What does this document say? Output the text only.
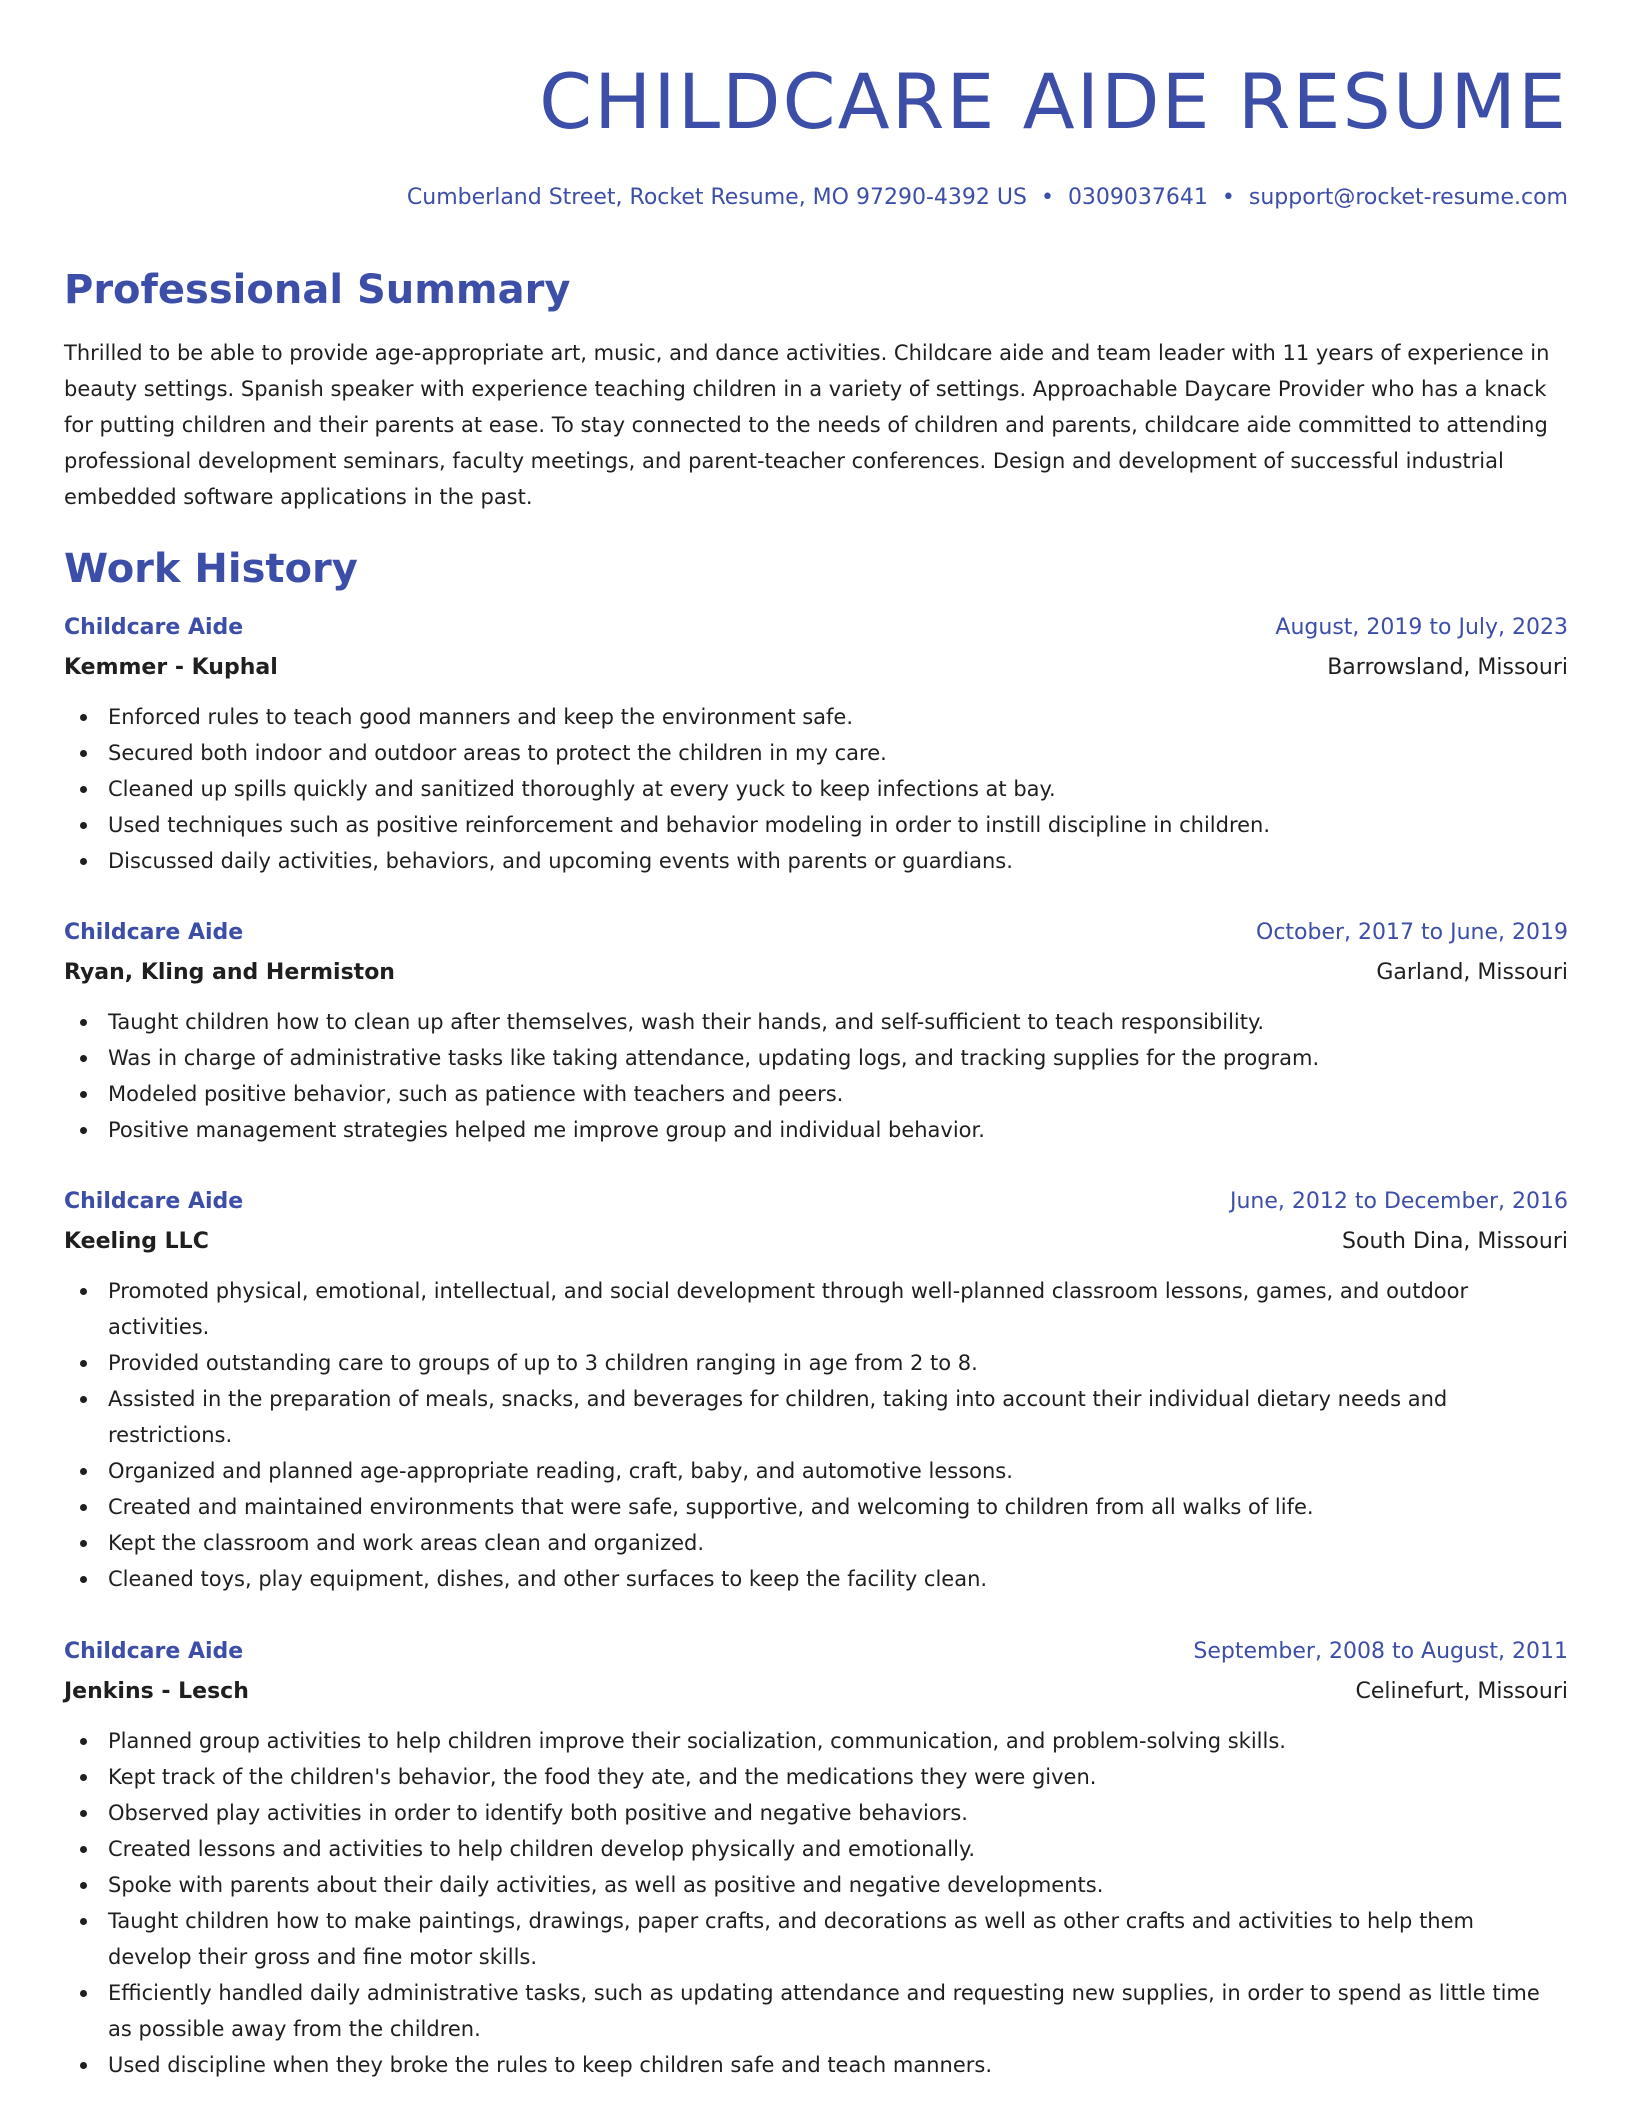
CHILDCARE AIDE RESUME
Cumberland Street, Rocket Resume, MO 97290-4392 US • 0309037641 • support@rocket-resume.com
Professional Summary

Thrilled to be able to provide age-appropriate art, music, and dance activities. Childcare aide and team leader with 11 years of experience in beauty settings. Spanish speaker with experience teaching children in a variety of settings. Approachable Daycare Provider who has a knack for putting children and their parents at ease. To stay connected to the needs of children and parents, childcare aide committed to attending professional development seminars, faculty meetings, and parent-teacher conferences. Design and development of successful industrial embedded software applications in the past.

Work History
Childcare Aide	August, 2019 to July, 2023
Kemmer - Kuphal	Barrowsland, Missouri
Enforced rules to teach good manners and keep the environment safe.
Secured both indoor and outdoor areas to protect the children in my care.
Cleaned up spills quickly and sanitized thoroughly at every yuck to keep infections at bay.
Used techniques such as positive reinforcement and behavior modeling in order to instill discipline in children.
Discussed daily activities, behaviors, and upcoming events with parents or guardians.
Childcare Aide	October, 2017 to June, 2019
Ryan, Kling and Hermiston	Garland, Missouri
Taught children how to clean up after themselves, wash their hands, and self-sufficient to teach responsibility.
Was in charge of administrative tasks like taking attendance, updating logs, and tracking supplies for the program.
Modeled positive behavior, such as patience with teachers and peers.
Positive management strategies helped me improve group and individual behavior.
Childcare Aide	June, 2012 to December, 2016
Keeling LLC	South Dina, Missouri
Promoted physical, emotional, intellectual, and social development through well-planned classroom lessons, games, and outdoor activities.
Provided outstanding care to groups of up to 3 children ranging in age from 2 to 8.
Assisted in the preparation of meals, snacks, and beverages for children, taking into account their individual dietary needs and restrictions.
Organized and planned age-appropriate reading, craft, baby, and automotive lessons.
Created and maintained environments that were safe, supportive, and welcoming to children from all walks of life.
Kept the classroom and work areas clean and organized.
Cleaned toys, play equipment, dishes, and other surfaces to keep the facility clean.
Childcare Aide	September, 2008 to August, 2011
Jenkins - Lesch	Celinefurt, Missouri
Planned group activities to help children improve their socialization, communication, and problem-solving skills.
Kept track of the children's behavior, the food they ate, and the medications they were given.
Observed play activities in order to identify both positive and negative behaviors.
Created lessons and activities to help children develop physically and emotionally.
Spoke with parents about their daily activities, as well as positive and negative developments.
Taught children how to make paintings, drawings, paper crafts, and decorations as well as other crafts and activities to help them develop their gross and fine motor skills.
Efficiently handled daily administrative tasks, such as updating attendance and requesting new supplies, in order to spend as little time as possible away from the children.
Used discipline when they broke the rules to keep children safe and teach manners.
